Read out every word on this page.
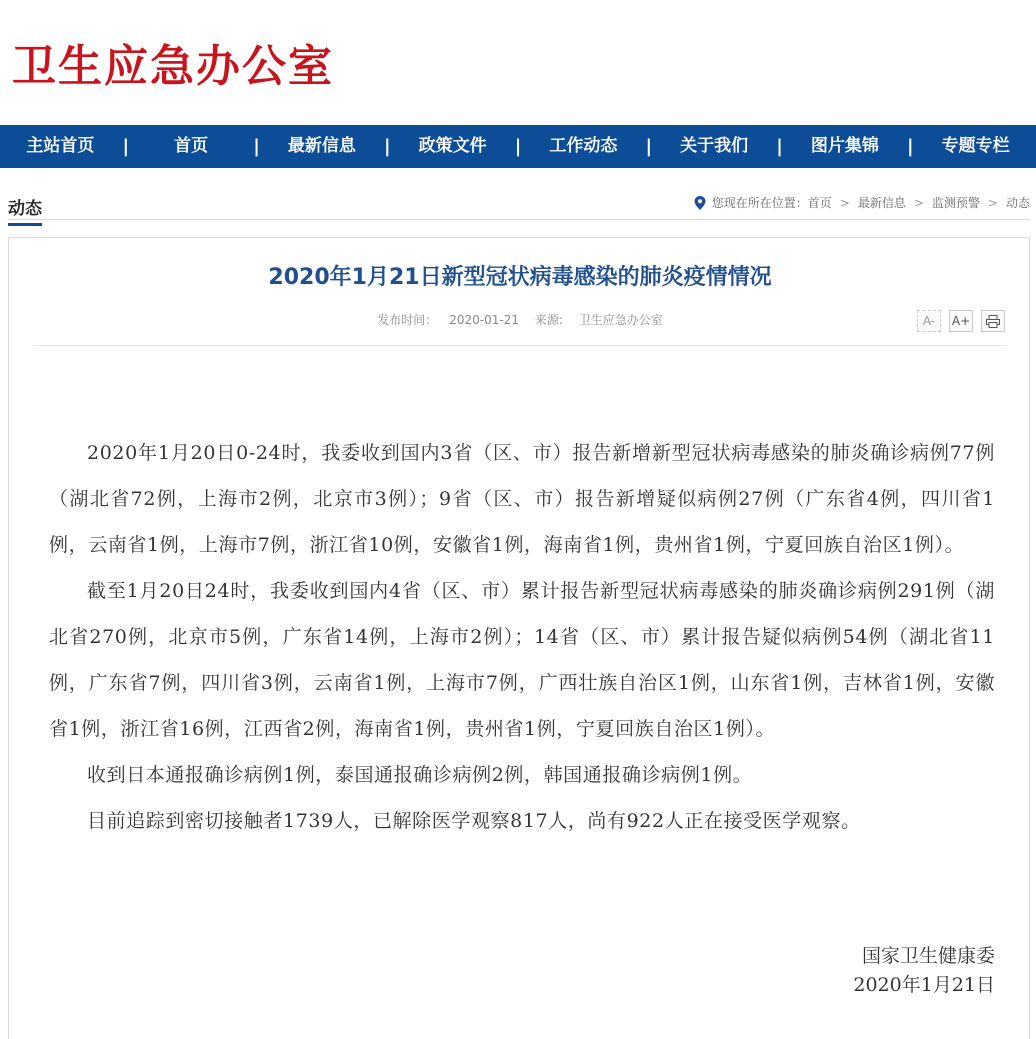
卫生应急办公室
主站首页	|	首页	|	最新信息	|	政策文件	|	工作动态	|	关于我们	|	图片集锦	|	专题专栏
动态	您现在所在位置： 首页 > 最新信息 > 监测预警 > 动态
2020年1月21日新型冠状病毒感染的肺炎疫情情况
发布时间： 2020-01-21 来源: 卫生应急办公室	A-	A+

2020年1月20日0-24时，我委收到国内3省（区、市）报告新增新型冠状病毒感染的肺炎确诊病例77例（湖北省72例，上海市2例，北京市3例）；9省（区、市）报告新增疑似病例27例（广东省4例，四川省1例，云南省1例，上海市7例，浙江省10例，安徽省1例，海南省1例，贵州省1例，宁夏回族自治区1例）。

截至1月20日24时，我委收到国内4省（区、市）累计报告新型冠状病毒感染的肺炎确诊病例291例（湖北省270例，北京市5例，广东省14例，上海市2例）；14省（区、市）累计报告疑似病例54例（湖北省11例，广东省7例，四川省3例，云南省1例，上海市7例，广西壮族自治区1例，山东省1例，吉林省1例，安徽省1例，浙江省16例，江西省2例，海南省1例，贵州省1例，宁夏回族自治区1例）。

收到日本通报确诊病例1例，泰国通报确诊病例2例，韩国通报确诊病例1例。

目前追踪到密切接触者1739人，已解除医学观察817人，尚有922人正在接受医学观察。

国家卫生健康委
2020年1月21日
